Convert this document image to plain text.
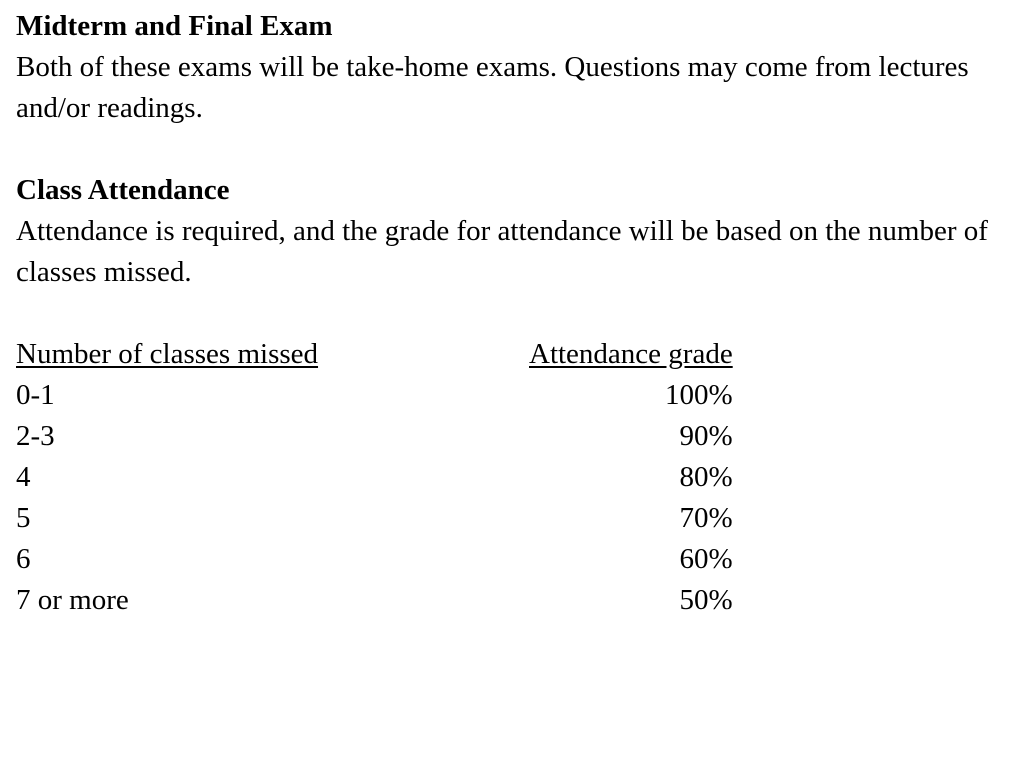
Midterm and Final Exam

Both of these exams will be take-home exams. Questions may come from lectures and/or readings.

Class Attendance

Attendance is required, and the grade for attendance will be based on the number of classes missed.

Number of classes missed	Attendance grade
0-1	100%
2-3	90%
4	80%
5	70%
6	60%
7 or more	50%
